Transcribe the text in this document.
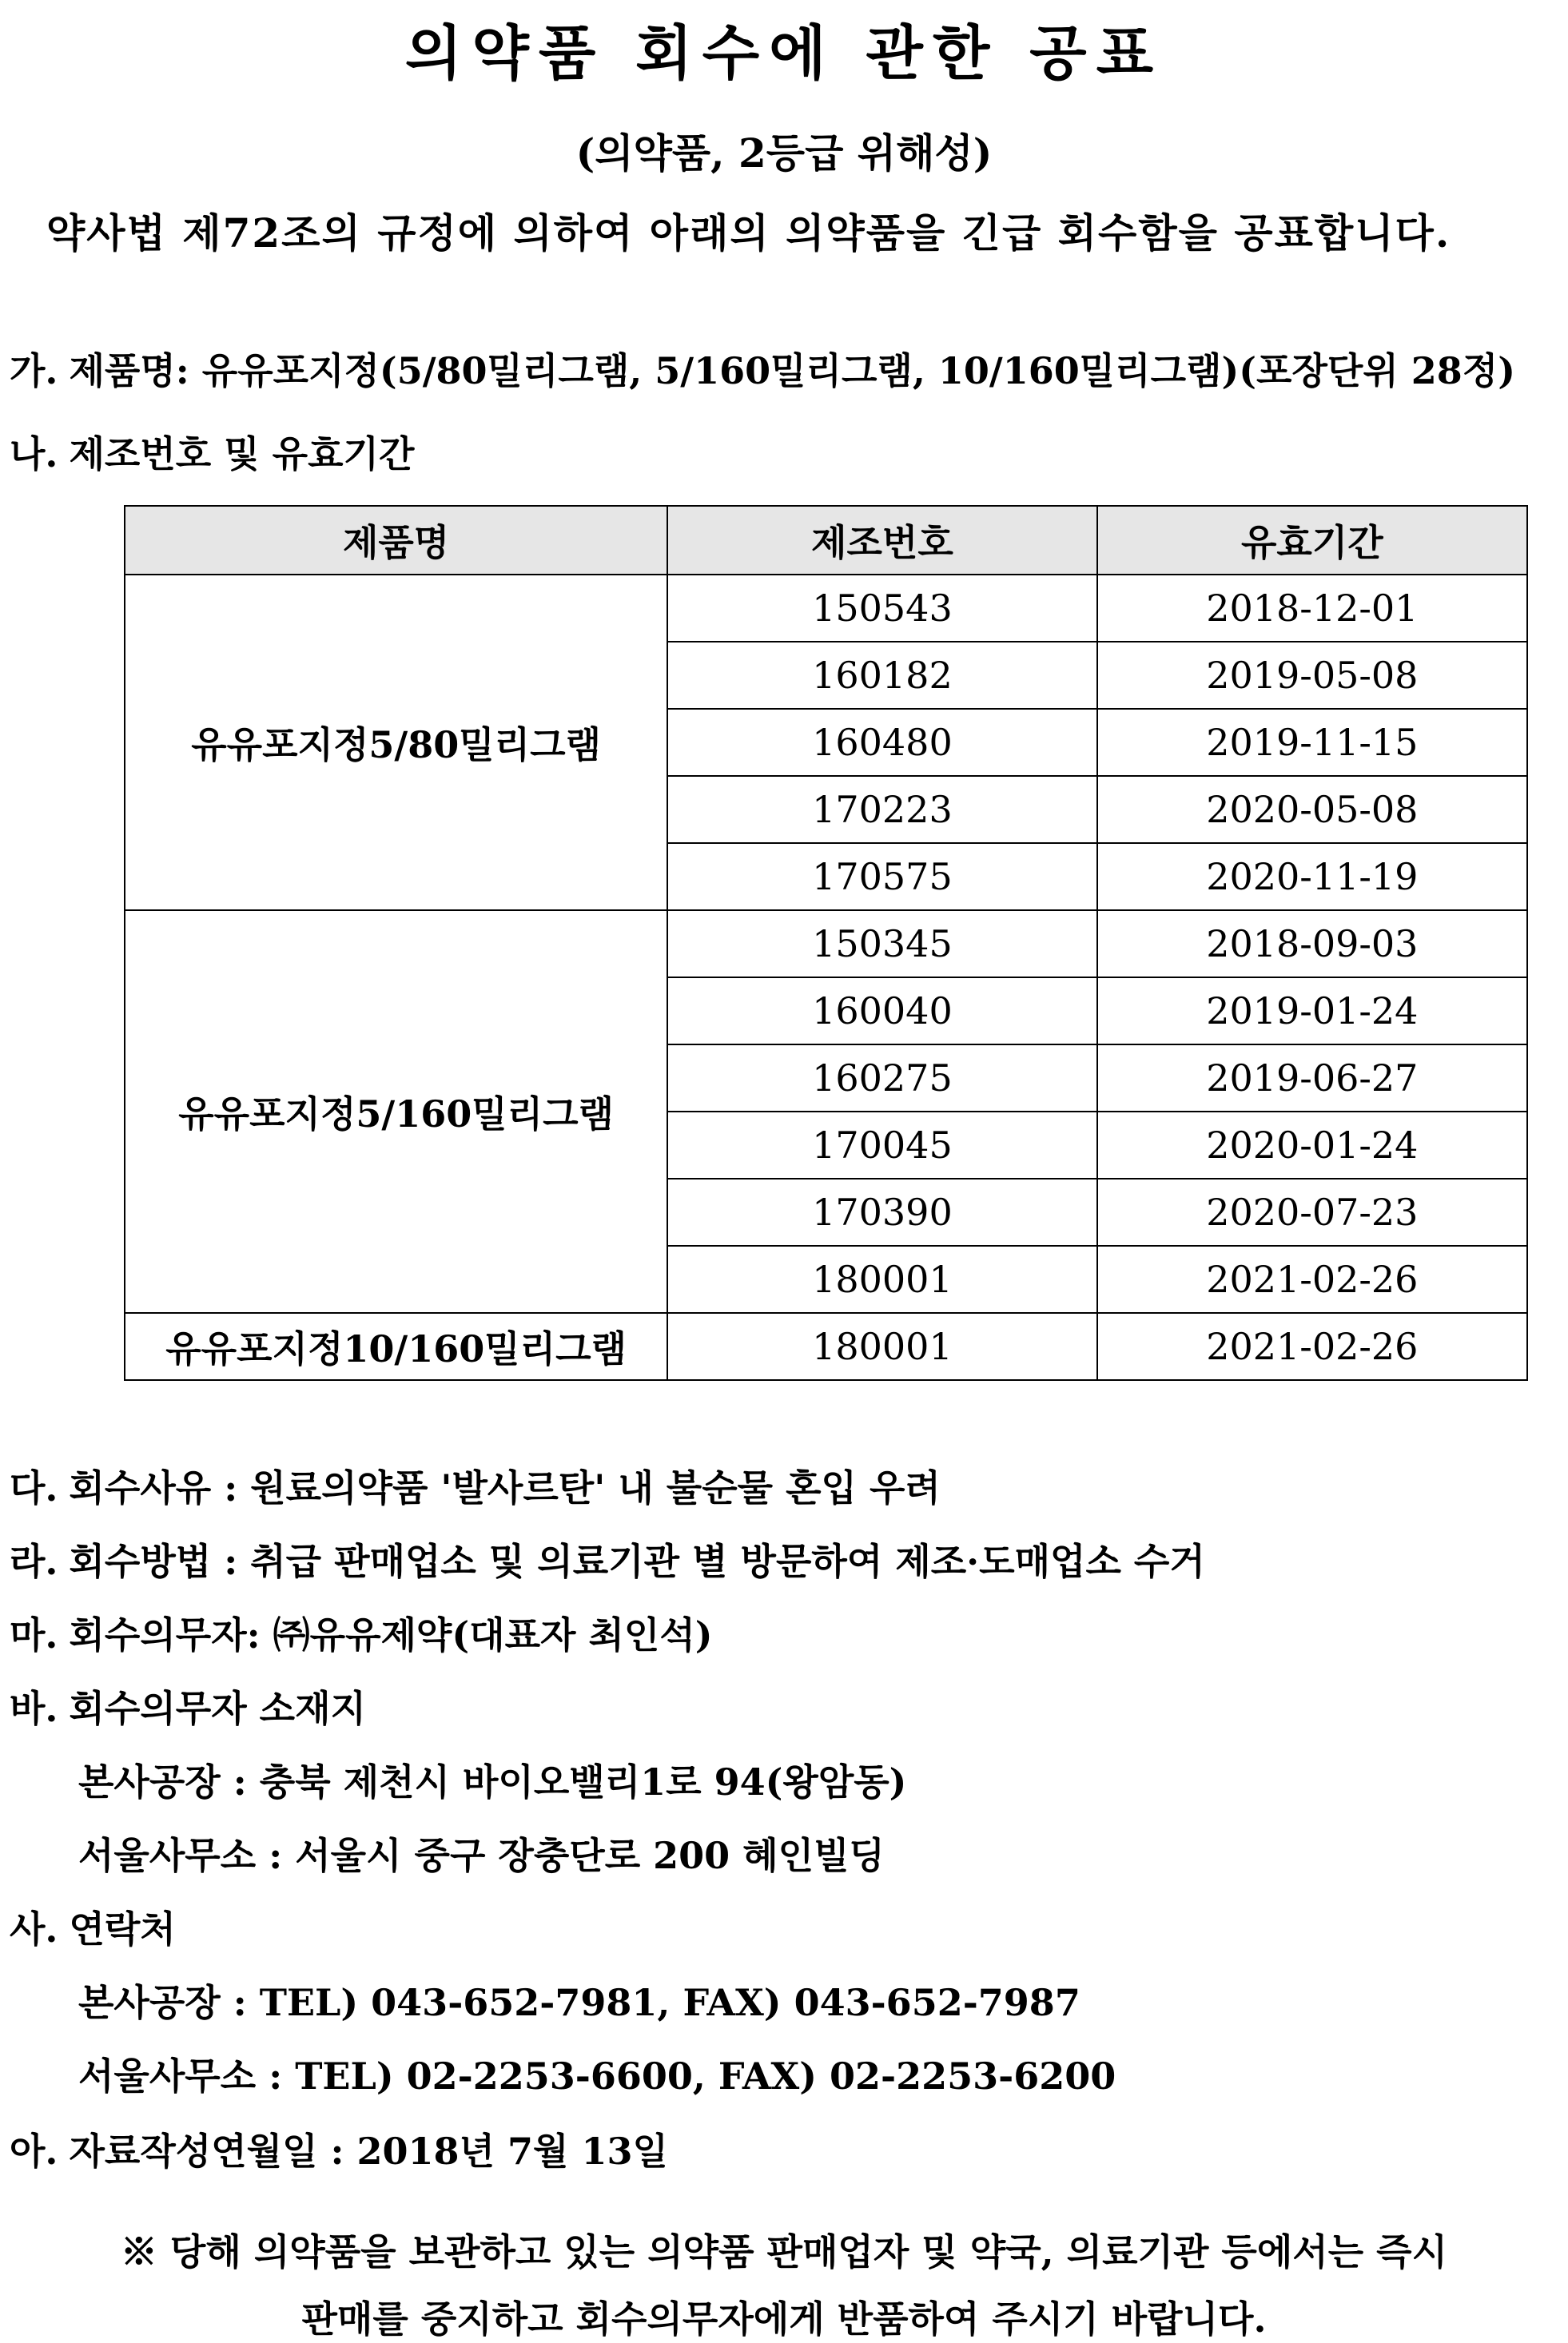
의약품 회수에 관한 공표
(의약품, 2등급 위해성)
약사법 제72조의 규정에 의하여 아래의 의약품을 긴급 회수함을 공표합니다.
가. 제품명: 유유포지정(5/80밀리그램, 5/160밀리그램, 10/160밀리그램)(포장단위 28정)
나. 제조번호 및 유효기간
제품명	제조번호	유효기간
유유포지정5/80밀리그램	150543	2018-12-01
	160182	2019-05-08
	160480	2019-11-15
	170223	2020-05-08
	170575	2020-11-19
유유포지정5/160밀리그램	150345	2018-09-03
	160040	2019-01-24
	160275	2019-06-27
	170045	2020-01-24
	170390	2020-07-23
	180001	2021-02-26
유유포지정10/160밀리그램	180001	2021-02-26
다. 회수사유 : 원료의약품 '발사르탄' 내 불순물 혼입 우려
라. 회수방법 : 취급 판매업소 및 의료기관 별 방문하여 제조·도매업소 수거
마. 회수의무자: ㈜유유제약(대표자 최인석)
바. 회수의무자 소재지
본사공장 : 충북 제천시 바이오밸리1로 94(왕암동)
서울사무소 : 서울시 중구 장충단로 200 혜인빌딩
사. 연락처
본사공장 : TEL) 043-652-7981, FAX) 043-652-7987
서울사무소 : TEL) 02-2253-6600, FAX) 02-2253-6200
아. 자료작성연월일 : 2018년 7월 13일
※ 당해 의약품을 보관하고 있는 의약품 판매업자 및 약국, 의료기관 등에서는 즉시
판매를 중지하고 회수의무자에게 반품하여 주시기 바랍니다.
